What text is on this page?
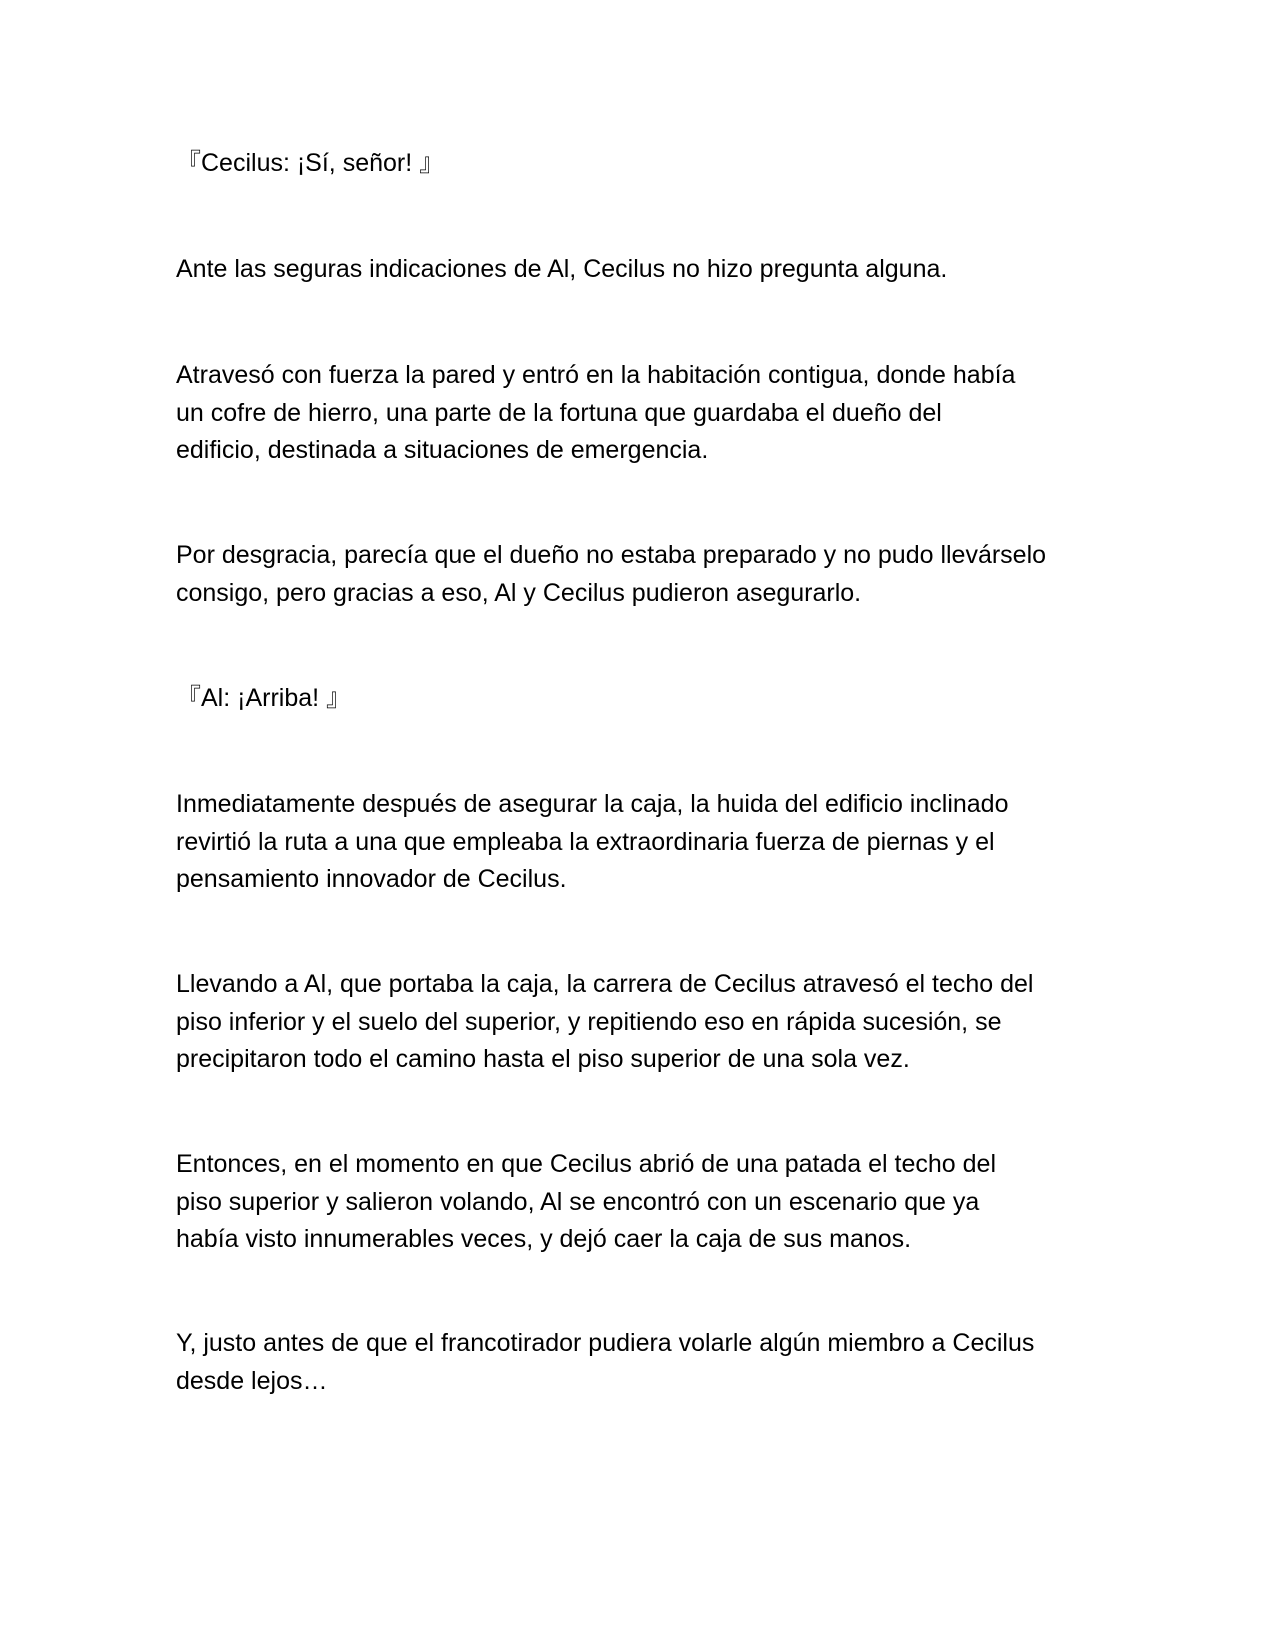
『Cecilus: ¡Sí, señor! 』
Ante las seguras indicaciones de Al, Cecilus no hizo pregunta alguna.
Atravesó con fuerza la pared y entró en la habitación contigua, donde había
un cofre de hierro, una parte de la fortuna que guardaba el dueño del
edificio, destinada a situaciones de emergencia.
Por desgracia, parecía que el dueño no estaba preparado y no pudo llevárselo
consigo, pero gracias a eso, Al y Cecilus pudieron asegurarlo.
『Al: ¡Arriba! 』
Inmediatamente después de asegurar la caja, la huida del edificio inclinado
revirtió la ruta a una que empleaba la extraordinaria fuerza de piernas y el
pensamiento innovador de Cecilus.
Llevando a Al, que portaba la caja, la carrera de Cecilus atravesó el techo del
piso inferior y el suelo del superior, y repitiendo eso en rápida sucesión, se
precipitaron todo el camino hasta el piso superior de una sola vez.
Entonces, en el momento en que Cecilus abrió de una patada el techo del
piso superior y salieron volando, Al se encontró con un escenario que ya
había visto innumerables veces, y dejó caer la caja de sus manos.
Y, justo antes de que el francotirador pudiera volarle algún miembro a Cecilus
desde lejos…
